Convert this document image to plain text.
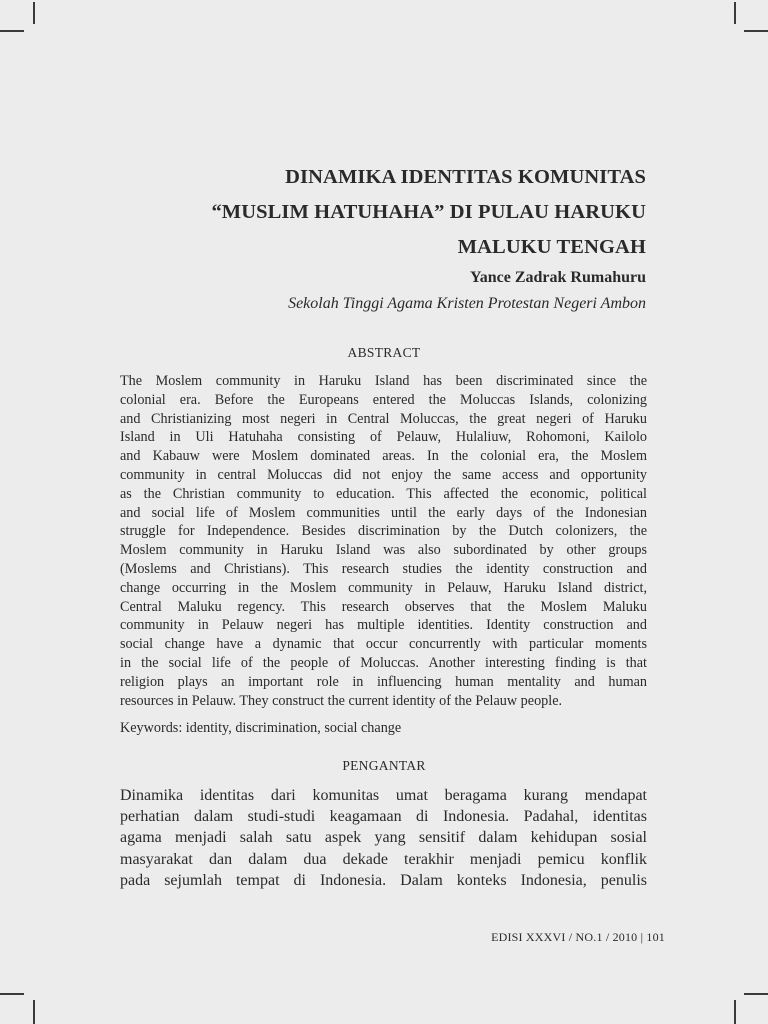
DINAMIKA IDENTITAS KOMUNITAS
“MUSLIM HATUHAHA” DI PULAU HARUKU
MALUKU TENGAH
Yance Zadrak Rumahuru
Sekolah Tinggi Agama Kristen Protestan Negeri Ambon
ABSTRACT
The Moslem community in Haruku Island has been discriminated since the
colonial era. Before the Europeans entered the Moluccas Islands, colonizing
and Christianizing most negeri in Central Moluccas, the great negeri of Haruku
Island in Uli Hatuhaha consisting of Pelauw, Hulaliuw, Rohomoni, Kailolo
and Kabauw were Moslem dominated areas. In the colonial era, the Moslem
community in central Moluccas did not enjoy the same access and opportunity
as the Christian community to education. This affected the economic, political
and social life of Moslem communities until the early days of the Indonesian
struggle for Independence. Besides discrimination by the Dutch colonizers, the
Moslem community in Haruku Island was also subordinated by other groups
(Moslems and Christians). This research studies the identity construction and
change occurring in the Moslem community in Pelauw, Haruku Island district,
Central Maluku regency. This research observes that the Moslem Maluku
community in Pelauw negeri has multiple identities. Identity construction and
social change have a dynamic that occur concurrently with particular moments
in the social life of the people of Moluccas. Another interesting finding is that
religion plays an important role in influencing human mentality and human
resources in Pelauw. They construct the current identity of the Pelauw people.
Keywords: identity, discrimination, social change
PENGANTAR
Dinamika identitas dari komunitas umat beragama kurang mendapat
perhatian dalam studi-studi keagamaan di Indonesia. Padahal, identitas
agama menjadi salah satu aspek yang sensitif dalam kehidupan sosial
masyarakat dan dalam dua dekade terakhir menjadi pemicu konflik
pada sejumlah tempat di Indonesia. Dalam konteks Indonesia, penulis
EDISI XXXVI / NO.1 / 2010 | 101
